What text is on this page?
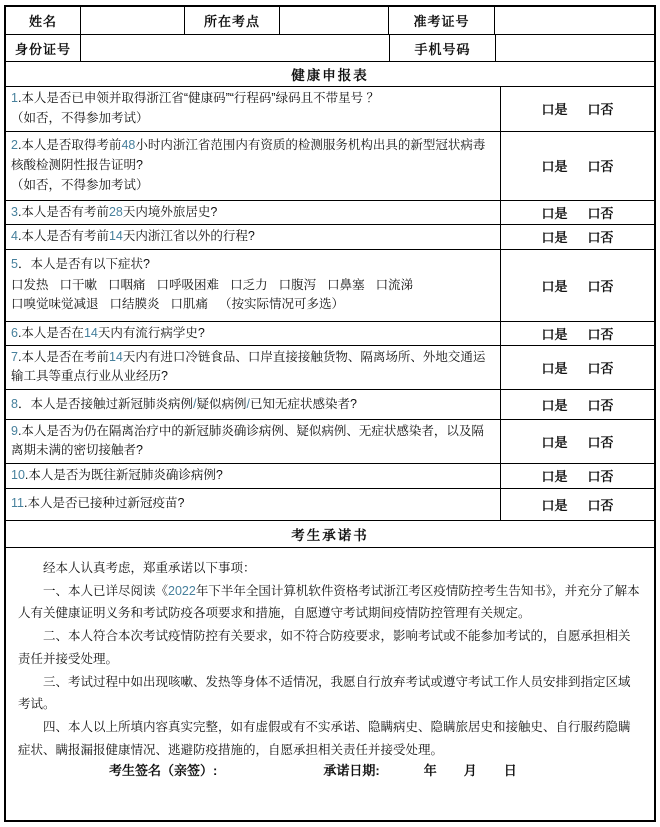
姓名	所在考点	准考证号
身份证号	手机号码
健康申报表
1.本人是否已申领并取得浙江省“健康码”“行程码”绿码且不带星号 ？
（如否，不得参加考试）
口是 口否
2.本人是否取得考前48小时内浙江省范围内有资质的检测服务机构出具的新型冠状病毒核酸检测阴性报告证明?
（如否，不得参加考试）
口是 口否
3.本人是否有考前28天内境外旅居史?	口是 口否
4.本人是否有考前14天内浙江省以外的行程?	口是 口否
5．本人是否有以下症状?
口发热 口干嗽 口咽痛 口呼吸困难 口乏力 口腹泻 口鼻塞 口流涕口嗅觉味觉减退 口结膜炎 口肌痛 （按实际情况可多选）
口是 口否
6.本人是否在14天内有流行病学史?	口是 口否
7.本人是否在考前14天内有进口冷链食品、口岸直接接触货物、隔离场所、外地交通运输工具等重点行业从业经历?
口是 口否
8．本人是否接触过新冠肺炎病例/疑似病例/已知无症状感染者?	口是 口否
9.本人是否为仍在隔离治疗中的新冠肺炎确诊病例、疑似病例、无症状感染者，以及隔离期未满的密切接触者?
口是 口否
10.本人是否为既往新冠肺炎确诊病例?	口是 口否
11.本人是否已接种过新冠疫苗?	口是 口否
考生承诺书
经本人认真考虑，郑重承诺以下事项：
一、本人已详尽阅读《2022年下半年全国计算机软件资格考试浙江考区疫情防控考生告知书》，并充分了解本人有关健康证明义务和考试防疫各项要求和措施，自愿遵守考试期间疫情防控管理有关规定。
二、本人符合本次考试疫情防控有关要求，如不符合防疫要求，影响考试或不能参加考试的，自愿承担相关责任并接受处理。
三、考试过程中如出现咳嗽、发热等身体不适情况，我愿自行放弃考试或遵守考试工作人员安排到指定区域考试。
四、本人以上所填内容真实完整，如有虚假或有不实承诺、隐瞒病史、隐瞒旅居史和接触史、自行服药隐瞒症状、瞒报漏报健康情况、逃避防疫措施的，自愿承担相关责任并接受处理。
考生签名（亲签）:	承诺日期:	年 月 日
